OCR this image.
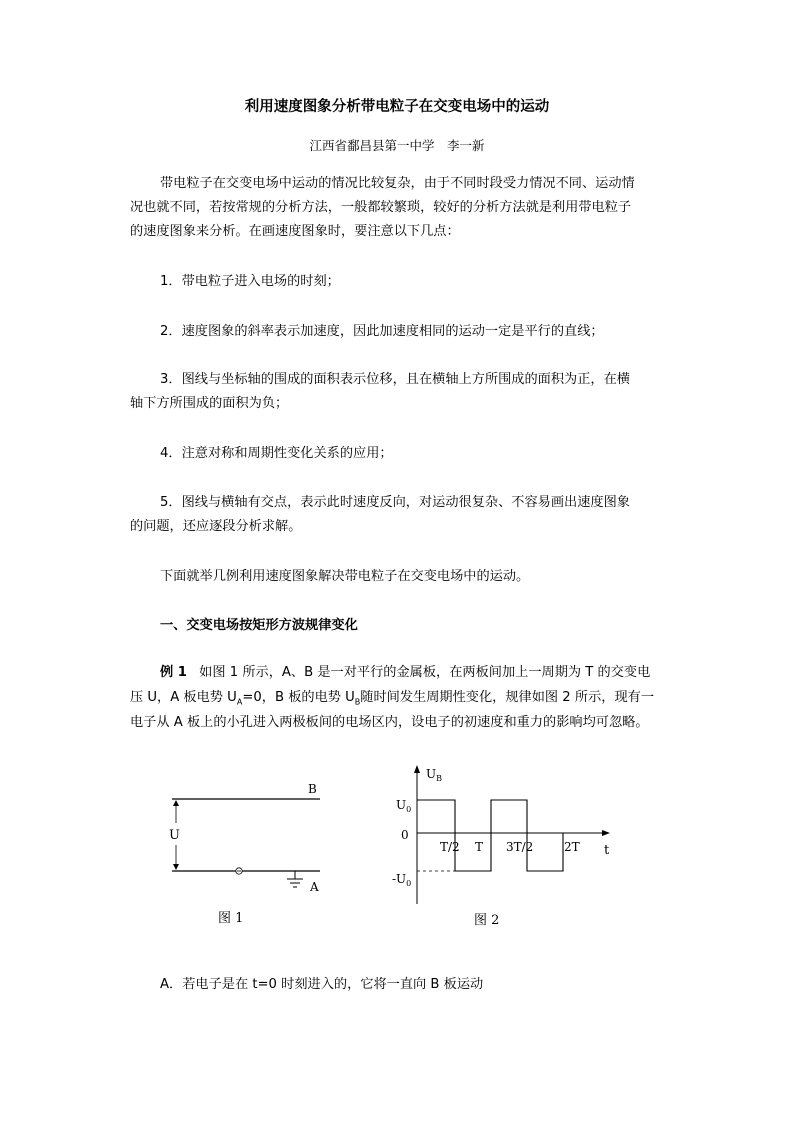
利用速度图象分析带电粒子在交变电场中的运动
江西省鄱昌县第一中学　李一新
带电粒子在交变电场中运动的情况比较复杂，由于不同时段受力情况不同、运动情
况也就不同，若按常规的分析方法，一般都较繁琐，较好的分析方法就是利用带电粒子
的速度图象来分析。在画速度图象时，要注意以下几点：
1．带电粒子进入电场的时刻；
2．速度图象的斜率表示加速度，因此加速度相同的运动一定是平行的直线；
3．图线与坐标轴的围成的面积表示位移，且在横轴上方所围成的面积为正，在横
轴下方所围成的面积为负；
4．注意对称和周期性变化关系的应用；
5．图线与横轴有交点，表示此时速度反向，对运动很复杂、不容易画出速度图象
的问题，还应逐段分析求解。
下面就举几例利用速度图象解决带电粒子在交变电场中的运动。
一、交变电场按矩形方波规律变化
例 1 如图 1 所示，A、B 是一对平行的金属板，在两板间加上一周期为 T 的交变电
压 U，A 板电势 $U_A=0$，B 板的电势 $U_B$随时间发生周期性变化，规律如图 2 所示，现有一
电子从 A 板上的小孔进入两极板间的电场区内，设电子的初速度和重力的影响均可忽略。
U
B
A
图 1
$U_B$
$U_0$
0
$-U_0$
T/2 T 3T/2	2T t
图 2
A．若电子是在 t=0 时刻进入的，它将一直向 B 板运动
